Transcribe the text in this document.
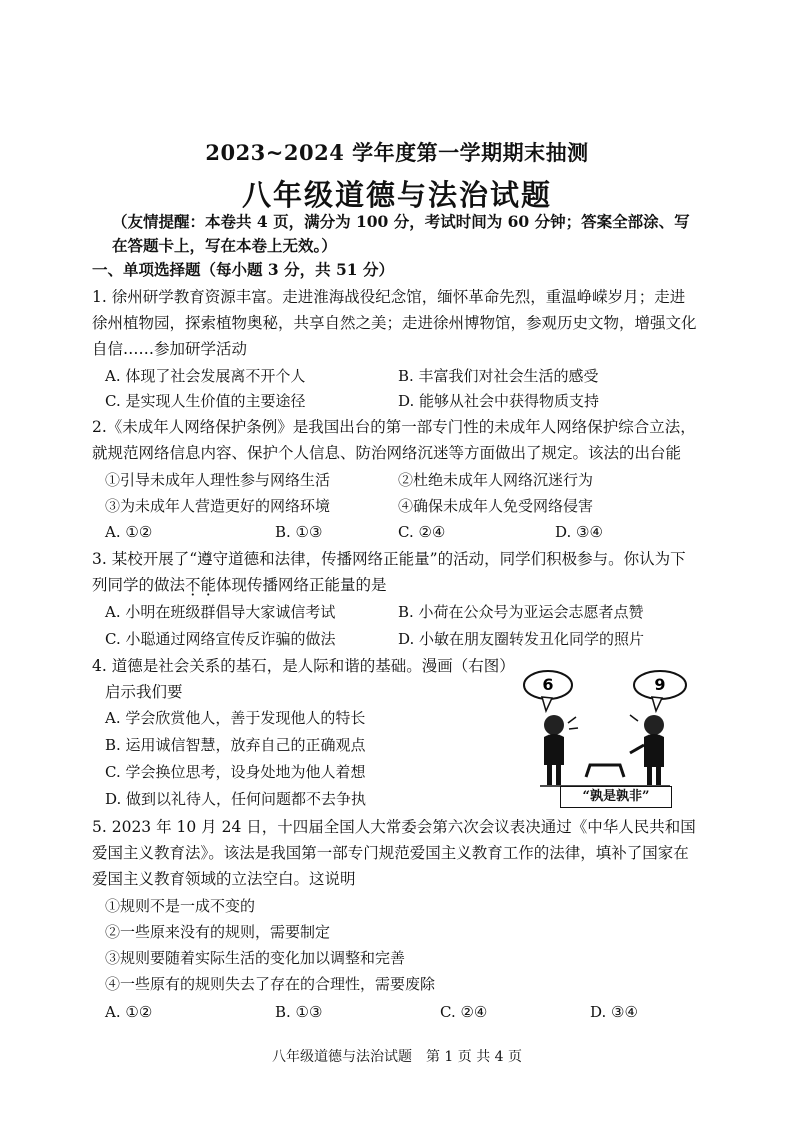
2023~2024 学年度第一学期期末抽测
八年级道德与法治试题
（友情提醒：本卷共 4 页，满分为 100 分，考试时间为 60 分钟；答案全部涂、写在答题卡上，写在本卷上无效。）
一、单项选择题（每小题 3 分，共 51 分）
1. 徐州研学教育资源丰富。走进淮海战役纪念馆，缅怀革命先烈，重温峥嵘岁月；走进徐州植物园，探索植物奥秘，共享自然之美；走进徐州博物馆，参观历史文物，增强文化自信……参加研学活动
A. 体现了社会发展离不开个人	B. 丰富我们对社会生活的感受
C. 是实现人生价值的主要途径	D. 能够从社会中获得物质支持
2.《未成年人网络保护条例》是我国出台的第一部专门性的未成年人网络保护综合立法，就规范网络信息内容、保护个人信息、防治网络沉迷等方面做出了规定。该法的出台能
①引导未成年人理性参与网络生活	②杜绝未成年人网络沉迷行为
③为未成年人营造更好的网络环境	④确保未成年人免受网络侵害
A. ①②	B. ①③	C. ②④	D. ③④
3. 某校开展了“遵守道德和法律，传播网络正能量”的活动，同学们积极参与。你认为下列同学的做法不能体现传播网络正能量的是
A. 小明在班级群倡导大家诚信考试	B. 小荷在公众号为亚运会志愿者点赞
C. 小聪通过网络宣传反诈骗的做法	D. 小敏在朋友圈转发丑化同学的照片
4. 道德是社会关系的基石，是人际和谐的基础。漫画（右图）
启示我们要
A. 学会欣赏他人，善于发现他人的特长
B. 运用诚信智慧，放弃自己的正确观点
C. 学会换位思考，设身处地为他人着想
D. 做到以礼待人，任何问题都不去争执
6	9
“孰是孰非”
5. 2023 年 10 月 24 日，十四届全国人大常委会第六次会议表决通过《中华人民共和国爱国主义教育法》。该法是我国第一部专门规范爱国主义教育工作的法律，填补了国家在爱国主义教育领域的立法空白。这说明
①规则不是一成不变的
②一些原来没有的规则，需要制定
③规则要随着实际生活的变化加以调整和完善
④一些原有的规则失去了存在的合理性，需要废除
A. ①②	B. ①③	C. ②④	D. ③④
八年级道德与法治试题　第 1 页 共 4 页
